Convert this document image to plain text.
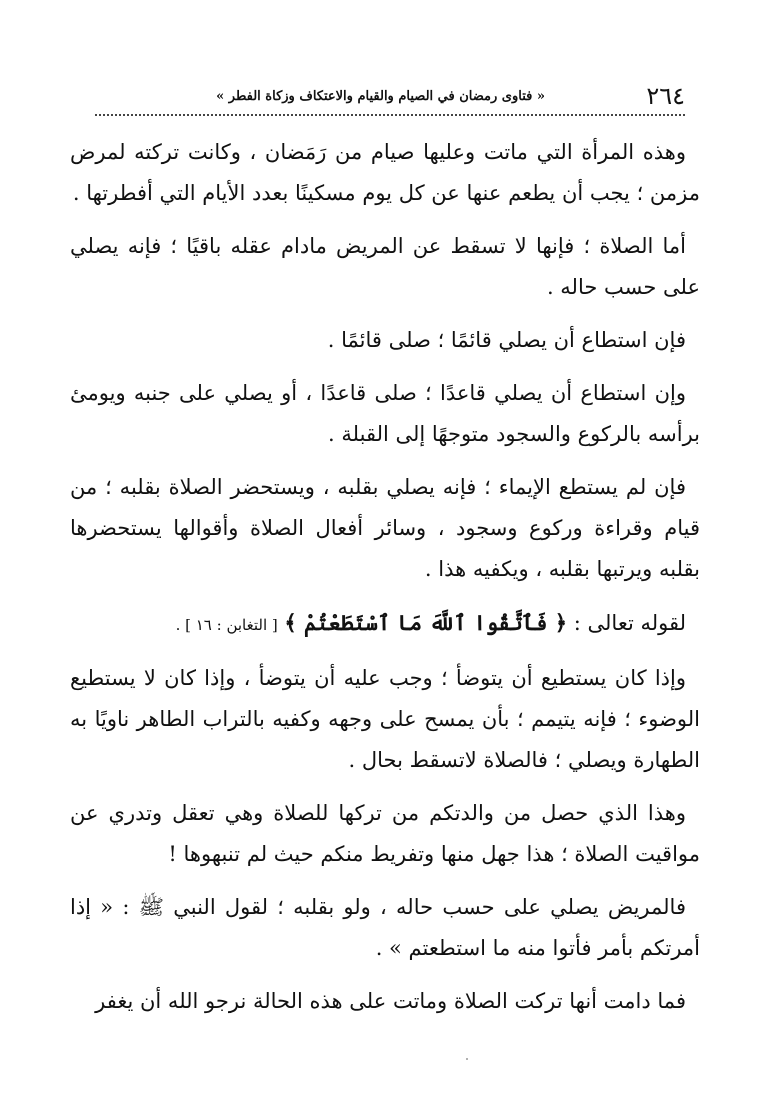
٢٦٤
« فتاوى رمضان في الصيام والقيام والاعتكاف وزكاة الفطر »

وهذه المرأة التي ماتت وعليها صيام من رَمَضان ، وكانت تركته لمرض مزمن ؛ يجب أن يطعم عنها عن كل يوم مسكينًا بعدد الأيام التي أفطرتها .

أما الصلاة ؛ فإنها لا تسقط عن المريض مادام عقله باقيًا ؛ فإنه يصلي على حسب حاله .

فإن استطاع أن يصلي قائمًا ؛ صلى قائمًا .

وإن استطاع أن يصلي قاعدًا ؛ صلى قاعدًا ، أو يصلي على جنبه ويومئ برأسه بالركوع والسجود متوجهًا إلى القبلة .

فإن لم يستطع الإيماء ؛ فإنه يصلي بقلبه ، ويستحضر الصلاة بقلبه ؛ من قيام وقراءة وركوع وسجود ، وسائر أفعال الصلاة وأقوالها يستحضرها بقلبه ويرتبها بقلبه ، ويكفيه هذا .

لقوله تعالى : ﴿ فَٱتَّقُوا ٱللَّهَ مَا ٱسْتَطَعْتُمْ ﴾ [ التغابن : ١٦ ] .

وإذا كان يستطيع أن يتوضأ ؛ وجب عليه أن يتوضأ ، وإذا كان لا يستطيع الوضوء ؛ فإنه يتيمم ؛ بأن يمسح على وجهه وكفيه بالتراب الطاهر ناويًا به الطهارة ويصلي ؛ فالصلاة لاتسقط بحال .

وهذا الذي حصل من والدتكم من تركها للصلاة وهي تعقل وتدري عن مواقيت الصلاة ؛ هذا جهل منها وتفريط منكم حيث لم تنبهوها !

فالمريض يصلي على حسب حاله ، ولو بقلبه ؛ لقول النبي ﷺ : « إذا أمرتكم بأمر فأتوا منه ما استطعتم » .

فما دامت أنها تركت الصلاة وماتت على هذه الحالة نرجو الله أن يغفر
